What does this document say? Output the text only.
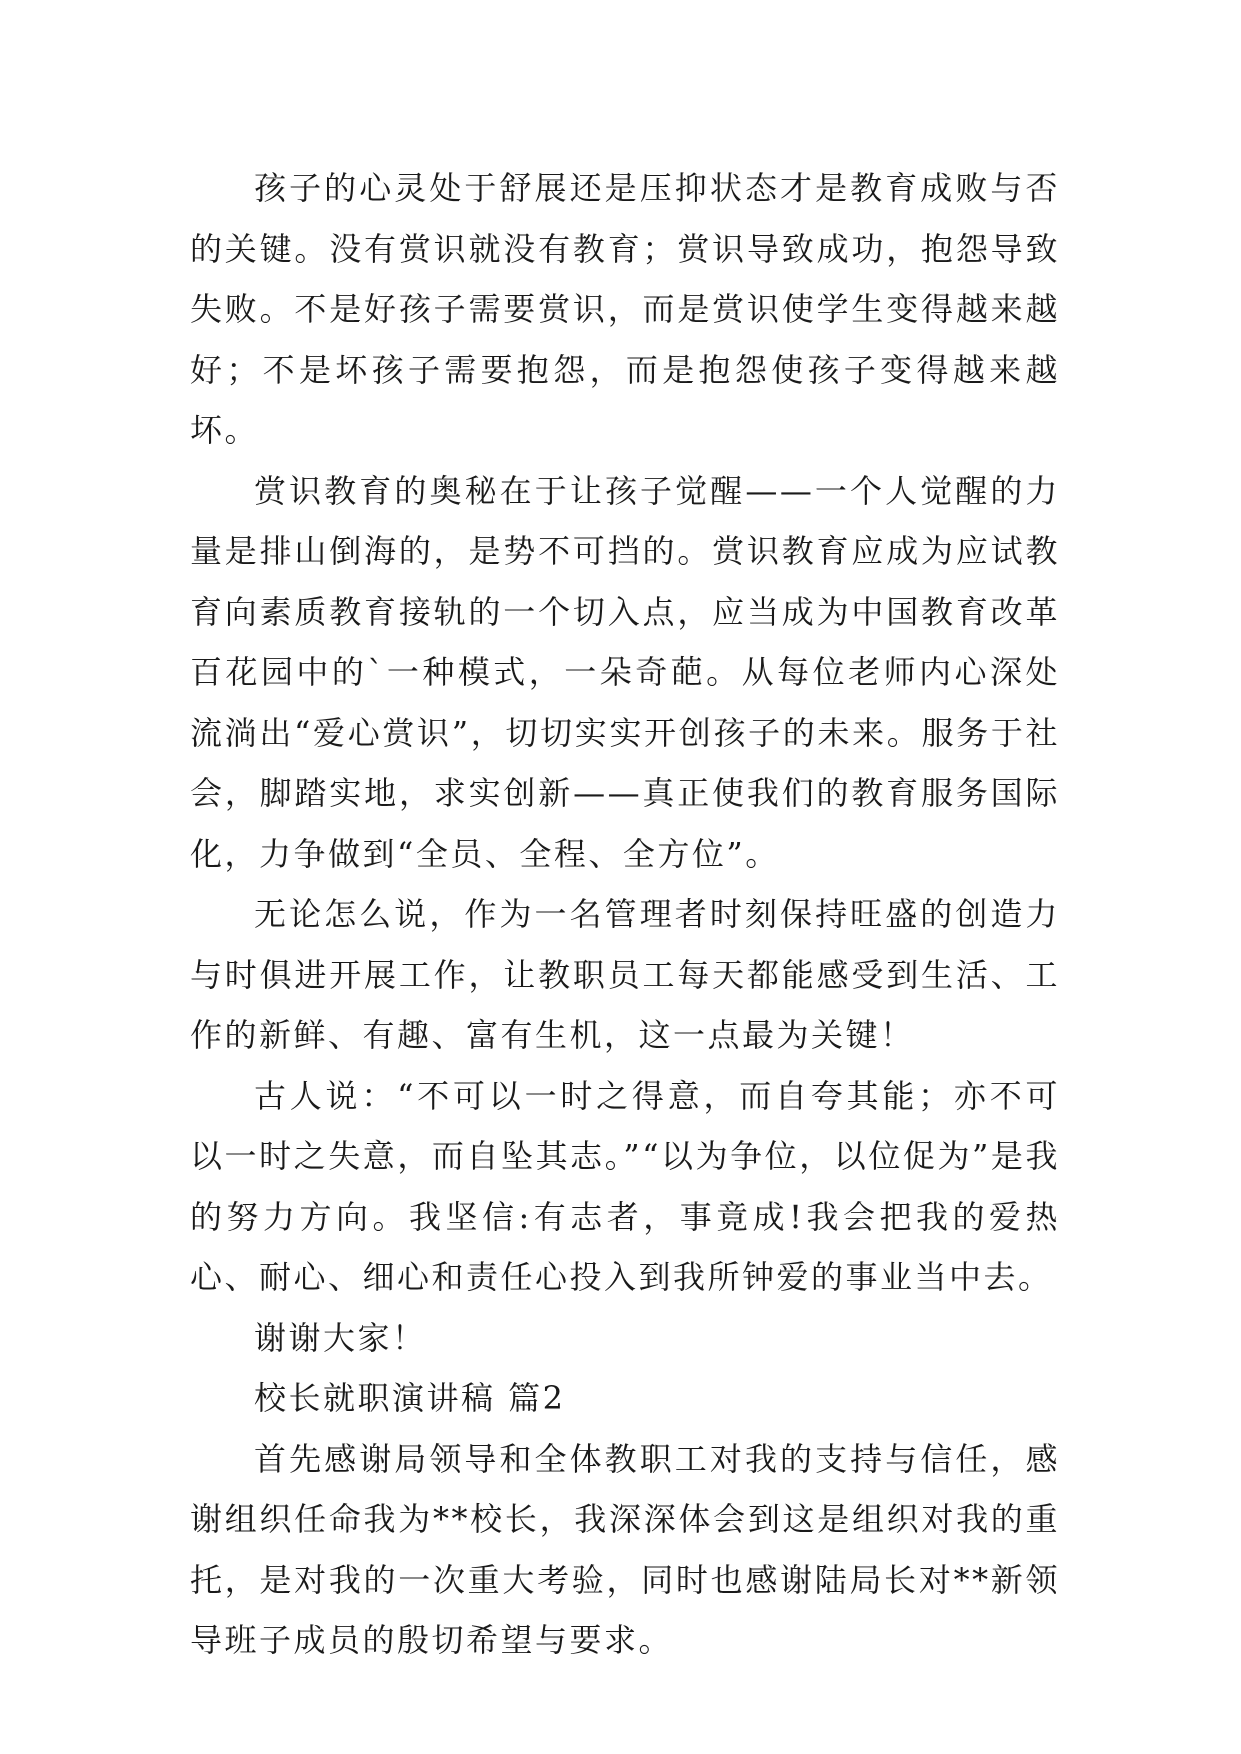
孩子的心灵处于舒展还是压抑状态才是教育成败与否的关键。没有赏识就没有教育；赏识导致成功，抱怨导致失败。不是好孩子需要赏识，而是赏识使学生变得越来越好；不是坏孩子需要抱怨，而是抱怨使孩子变得越来越坏。

赏识教育的奥秘在于让孩子觉醒——一个人觉醒的力量是排山倒海的，是势不可挡的。赏识教育应成为应试教育向素质教育接轨的一个切入点，应当成为中国教育改革百花园中的`一种模式，一朵奇葩。从每位老师内心深处流淌出“爱心赏识”，切切实实开创孩子的未来。服务于社会，脚踏实地，求实创新——真正使我们的教育服务国际化，力争做到“全员、全程、全方位”。

无论怎么说，作为一名管理者时刻保持旺盛的创造力与时俱进开展工作，让教职员工每天都能感受到生活、工作的新鲜、有趣、富有生机，这一点最为关键！

古人说：“不可以一时之得意，而自夸其能；亦不可以一时之失意，而自坠其志。”“以为争位，以位促为”是我的努力方向。我坚信:有志者，事竟成!我会把我的爱热心、耐心、细心和责任心投入到我所钟爱的事业当中去。

谢谢大家！

校长就职演讲稿 篇2

首先感谢局领导和全体教职工对我的支持与信任，感谢组织任命我为**校长，我深深体会到这是组织对我的重托，是对我的一次重大考验，同时也感谢陆局长对**新领导班子成员的殷切希望与要求。
